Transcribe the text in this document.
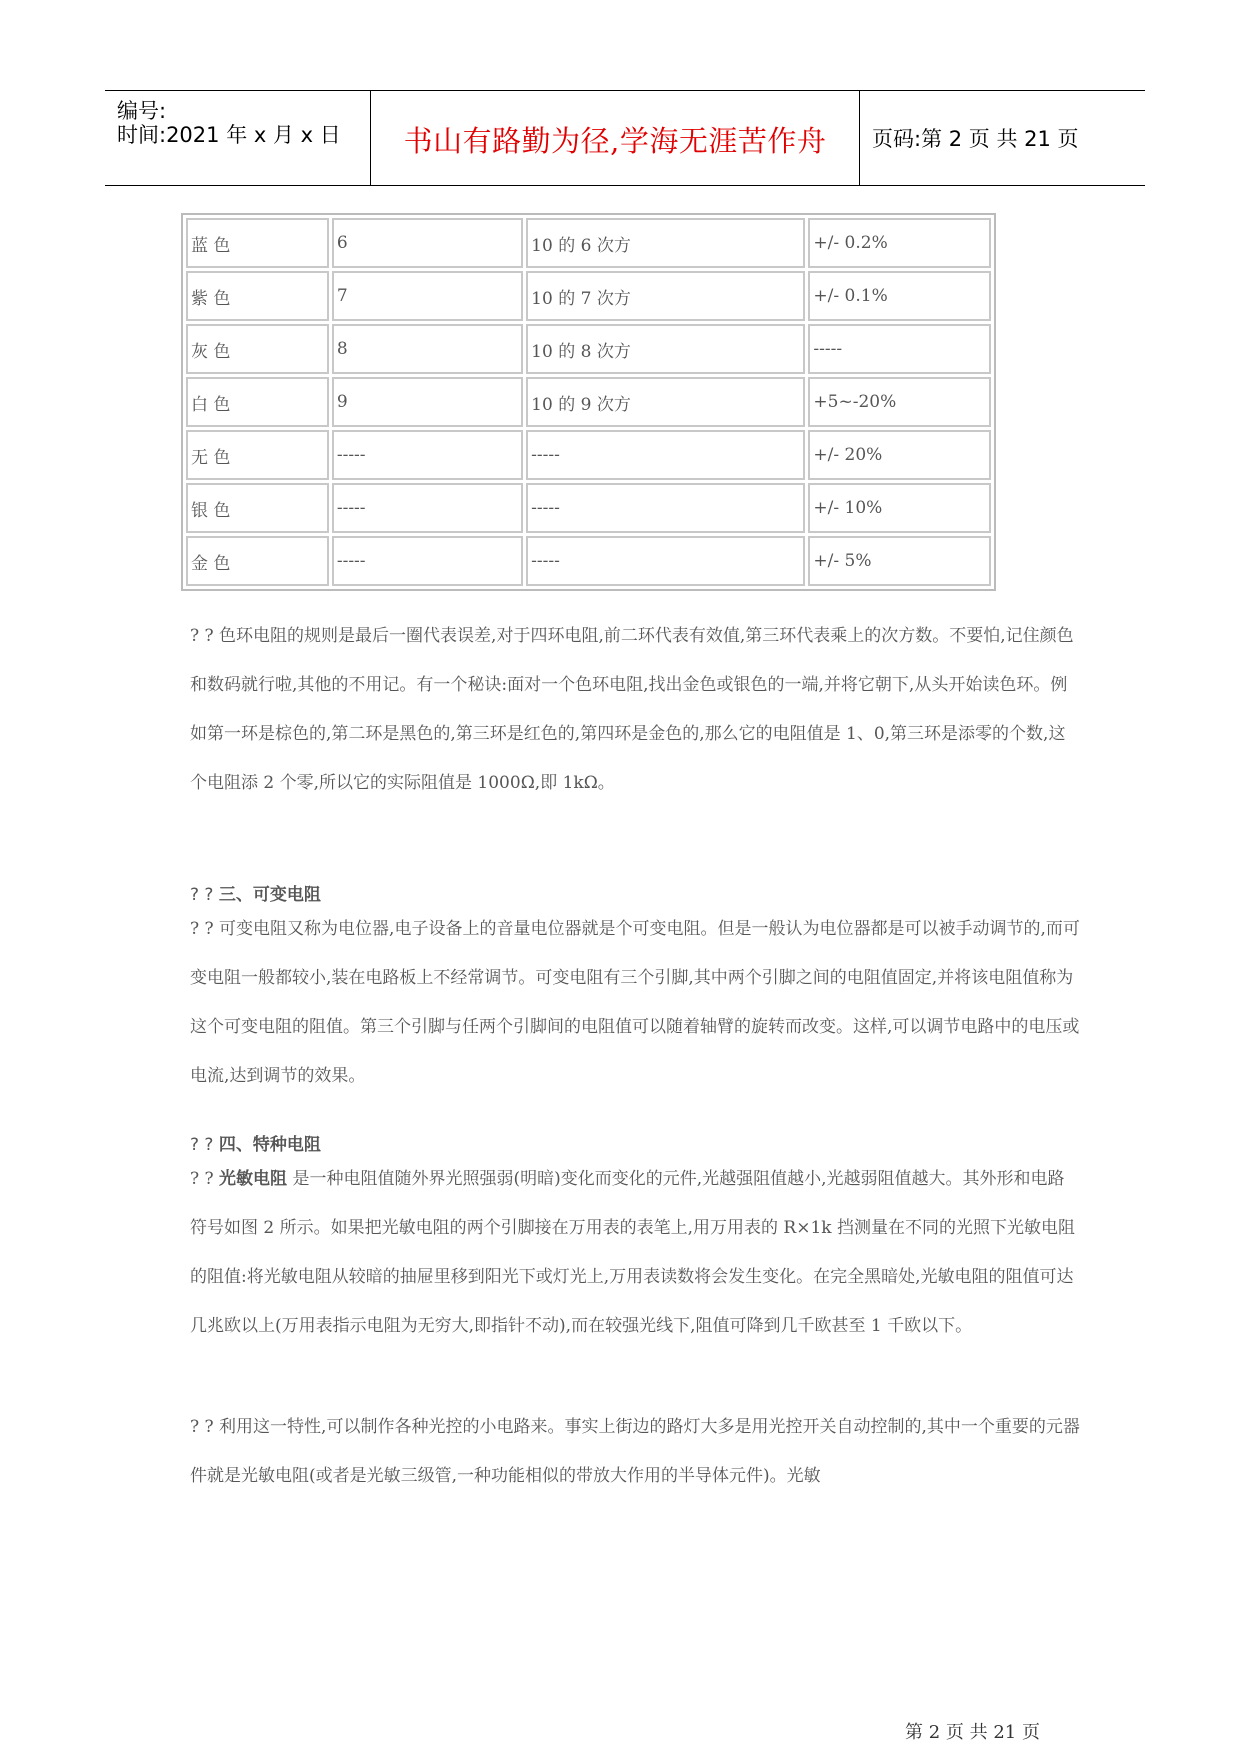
编号:
时间:2021 年 x 月 x 日	书山有路勤为径,学海无涯苦作舟	页码:第 2 页 共 21 页
蓝 色	6	10 的 6 次方	+/- 0.2%
紫 色	7	10 的 7 次方	+/- 0.1%
灰 色	8	10 的 8 次方	-----
白 色	9	10 的 9 次方	+5~-20%
无 色	-----	-----	+/- 20%
银 色	-----	-----	+/- 10%
金 色	-----	-----	+/- 5%

? ? 色环电阻的规则是最后一圈代表误差,对于四环电阻,前二环代表有效值,第三环代表乘上的次方数。不要怕,记住颜色和数码就行啦,其他的不用记。有一个秘诀:面对一个色环电阻,找出金色或银色的一端,并将它朝下,从头开始读色环。例如第一环是棕色的,第二环是黑色的,第三环是红色的,第四环是金色的,那么它的电阻值是 1、0,第三环是添零的个数,这个电阻添 2 个零,所以它的实际阻值是 1000Ω,即 1kΩ。

? ? 三、可变电阻

? ? 可变电阻又称为电位器,电子设备上的音量电位器就是个可变电阻。但是一般认为电位器都是可以被手动调节的,而可变电阻一般都较小,装在电路板上不经常调节。可变电阻有三个引脚,其中两个引脚之间的电阻值固定,并将该电阻值称为这个可变电阻的阻值。第三个引脚与任两个引脚间的电阻值可以随着轴臂的旋转而改变。这样,可以调节电路中的电压或电流,达到调节的效果。

? ? 四、特种电阻

? ? 光敏电阻 是一种电阻值随外界光照强弱(明暗)变化而变化的元件,光越强阻值越小,光越弱阻值越大。其外形和电路符号如图 2 所示。如果把光敏电阻的两个引脚接在万用表的表笔上,用万用表的 R×1k 挡测量在不同的光照下光敏电阻的阻值:将光敏电阻从较暗的抽屉里移到阳光下或灯光上,万用表读数将会发生变化。在完全黑暗处,光敏电阻的阻值可达几兆欧以上(万用表指示电阻为无穷大,即指针不动),而在较强光线下,阻值可降到几千欧甚至 1 千欧以下。

? ? 利用这一特性,可以制作各种光控的小电路来。事实上街边的路灯大多是用光控开关自动控制的,其中一个重要的元器件就是光敏电阻(或者是光敏三级管,一种功能相似的带放大作用的半导体元件)。光敏

第 2 页 共 21 页
